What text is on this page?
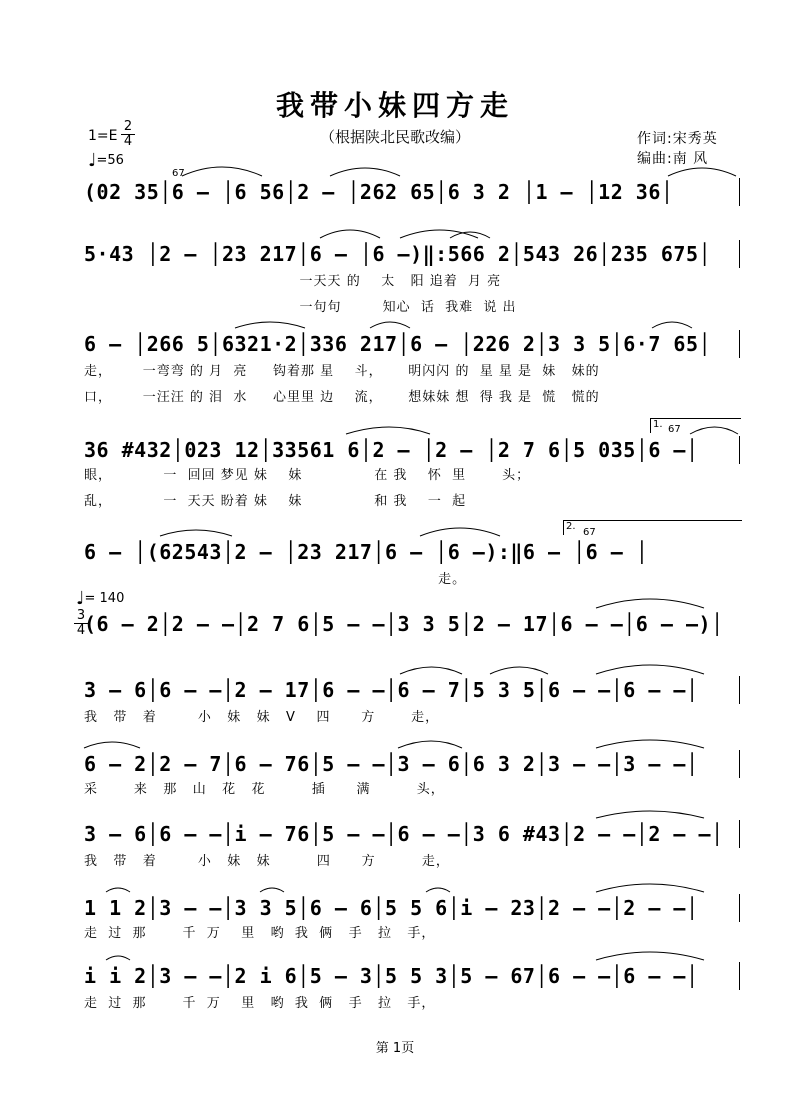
我带小妹四方走
（根据陕北民歌改编）	作词:宋秀英
编曲:南 风
1=E
2
4
♩=56
(02 35│6 – │6 56│2 – │262 65│6 3 2 │1 – │12 36│
5·43 │2 – │23 217│6 – │6 –)‖:566 2│543 26│235 675│
一天天 的    太   阳 追着  月 亮
一句句        知心  话  我难  说 出
6 – │266 5│6321·2│336 217│6 – │226 2│3 3 5│6·7 65│
走，      一弯弯 的 月  亮     钩着那 星    斗，     明闪闪 的  星 星 是  妹   妹的
口，      一汪汪 的 泪  水     心里里 边    流，     想妹妹 想  得 我 是  慌   慌的
1.
36 #432│023 12│33561 6│2 – │2 – │2 7 6│5 035│6 –│
眼，          一  回回 梦见 妹    妹              在 我    怀  里       头；
乱，          一  天天 盼着 妹    妹              和 我    一  起
2.
6 – │(62543│2 – │23 217│6 – │6 –):‖6 – │6 – │
走。
♩= 140
3
4
(6 – 2│2 – –│2 7 6│5 – –│3 3 5│2 – 17│6 – –│6 – –)│
3 – 6│6 – –│2 – 17│6 – –│6 – 7│5 3 5│6 – –│6 – –│
我   带   着        小   妹   妹   V    四      方       走，
6 – 2│2 – 7│6 – 76│5 – –│3 – 6│6 3 2│3 – –│3 – –│
采       来   那   山   花   花         插      满         头，
3 – 6│6 – –│i – 76│5 – –│6 – –│3 6 #43│2 – –│2 – –│
我   带   着        小   妹   妹         四      方         走，
1 1 2│3 – –│3 3 5│6 – 6│5 5 6│i – 23│2 – –│2 – –│
走  过  那       千  万    里   哟  我  俩   手   拉   手，
i i 2│3 – –│2 i 6│5 – 3│5 5 3│5 – 67│6 – –│6 – –│
走  过  那       千  万    里   哟  我  俩   手   拉   手，
第 1页
67
67
67
